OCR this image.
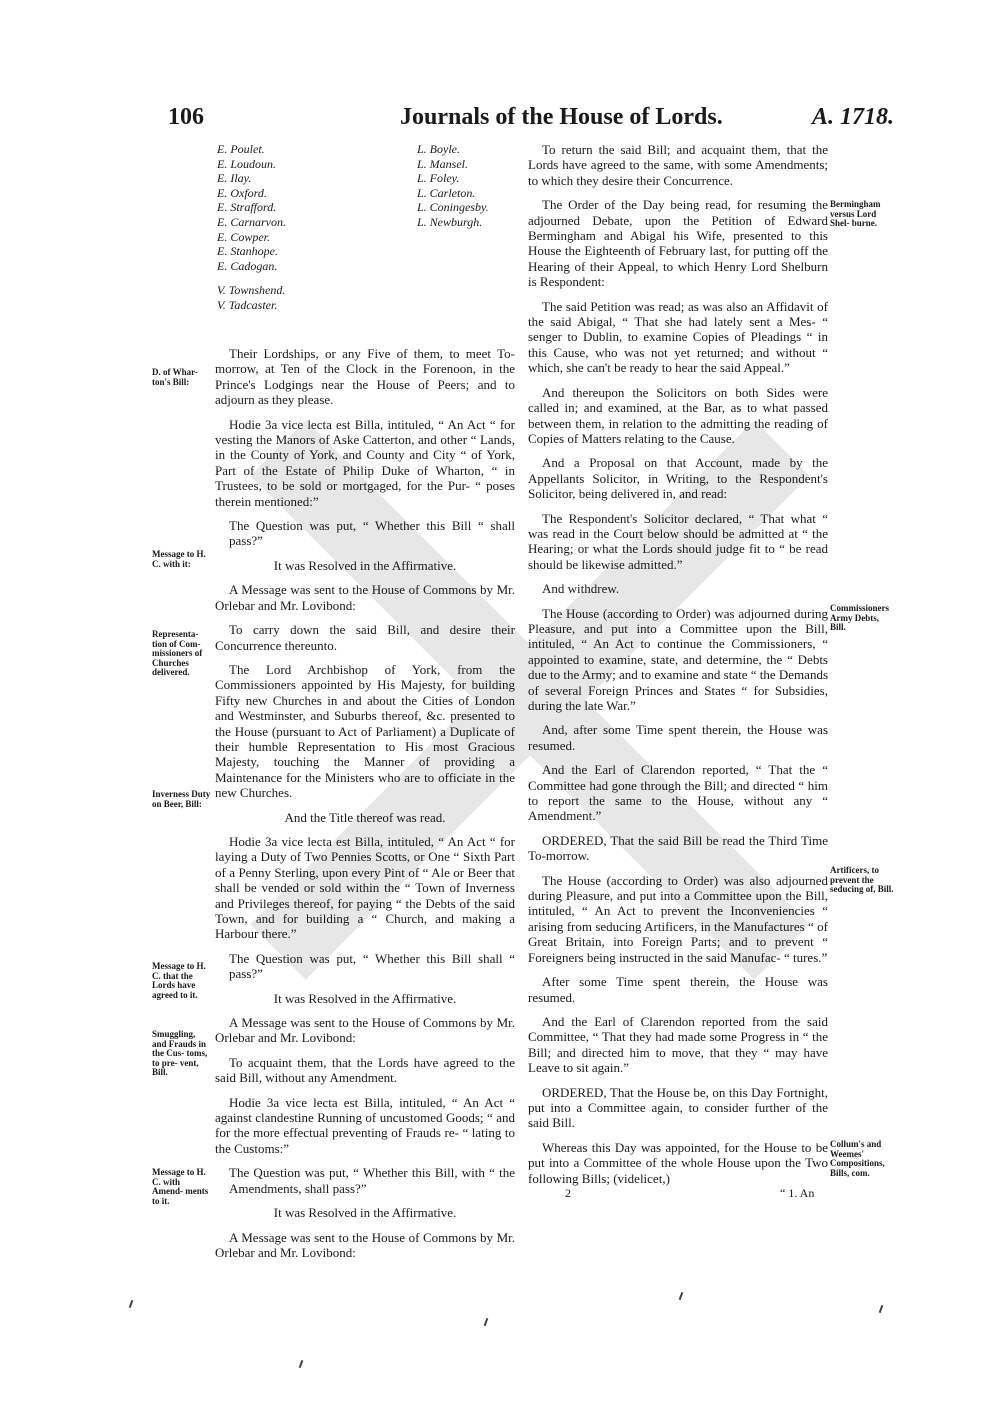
106	Journals of the House of Lords.	A. 1718.
E. Poulet.
E. Loudoun.
E. Ilay.
E. Oxford.
E. Strafford.
E. Carnarvon.
E. Cowper.
E. Stanhope.
E. Cadogan.
V. Townshend.
V. Tadcaster.
L. Boyle.
L. Mansel.
L. Foley.
L. Carleton.
L. Coningesby.
L. Newburgh.

Their Lordships, or any Five of them, to meet To-morrow, at Ten of the Clock in the Forenoon, in the Prince's Lodgings near the House of Peers; and to adjourn as they please.

Hodie 3a vice lecta est Billa, intituled, “ An Act “ for vesting the Manors of Aske Catterton, and other “ Lands, in the County of York, and County and City “ of York, Part of the Estate of Philip Duke of Wharton, “ in Trustees, to be sold or mortgaged, for the Pur- “ poses therein mentioned:”

The Question was put, “ Whether this Bill “ shall pass?”

It was Resolved in the Affirmative.

A Message was sent to the House of Commons by Mr. Orlebar and Mr. Lovibond:

To carry down the said Bill, and desire their Concurrence thereunto.

The Lord Archbishop of York, from the Commissioners appointed by His Majesty, for building Fifty new Churches in and about the Cities of London and Westminster, and Suburbs thereof, &c. presented to the House (pursuant to Act of Parliament) a Duplicate of their humble Representation to His most Gracious Majesty, touching the Manner of providing a Maintenance for the Ministers who are to officiate in the new Churches.

And the Title thereof was read.

Hodie 3a vice lecta est Billa, intituled, “ An Act “ for laying a Duty of Two Pennies Scotts, or One “ Sixth Part of a Penny Sterling, upon every Pint of “ Ale or Beer that shall be vended or sold within the “ Town of Inverness and Privileges thereof, for paying “ the Debts of the said Town, and for building a “ Church, and making a Harbour there.”

The Question was put, “ Whether this Bill shall “ pass?”

It was Resolved in the Affirmative.

A Message was sent to the House of Commons by Mr. Orlebar and Mr. Lovibond:

To acquaint them, that the Lords have agreed to the said Bill, without any Amendment.

Hodie 3a vice lecta est Billa, intituled, “ An Act “ against clandestine Running of uncustomed Goods; “ and for the more effectual preventing of Frauds re- “ lating to the Customs:”

The Question was put, “ Whether this Bill, with “ the Amendments, shall pass?”

It was Resolved in the Affirmative.

A Message was sent to the House of Commons by Mr. Orlebar and Mr. Lovibond:

To return the said Bill; and acquaint them, that the Lords have agreed to the same, with some Amendments; to which they desire their Concurrence.

The Order of the Day being read, for resuming the adjourned Debate, upon the Petition of Edward Bermingham and Abigal his Wife, presented to this House the Eighteenth of February last, for putting off the Hearing of their Appeal, to which Henry Lord Shelburn is Respondent:

The said Petition was read; as was also an Affidavit of the said Abigal, “ That she had lately sent a Mes- “ senger to Dublin, to examine Copies of Pleadings “ in this Cause, who was not yet returned; and without “ which, she can't be ready to hear the said Appeal.”

And thereupon the Solicitors on both Sides were called in; and examined, at the Bar, as to what passed between them, in relation to the admitting the reading of Copies of Matters relating to the Cause.

And a Proposal on that Account, made by the Appellants Solicitor, in Writing, to the Respondent's Solicitor, being delivered in, and read:

The Respondent's Solicitor declared, “ That what “ was read in the Court below should be admitted at “ the Hearing; or what the Lords should judge fit to “ be read should be likewise admitted.”

And withdrew.

The House (according to Order) was adjourned during Pleasure, and put into a Committee upon the Bill, intituled, “ An Act to continue the Commissioners, “ appointed to examine, state, and determine, the “ Debts due to the Army; and to examine and state “ the Demands of several Foreign Princes and States “ for Subsidies, during the late War.”

And, after some Time spent therein, the House was resumed.

And the Earl of Clarendon reported, “ That the “ Committee had gone through the Bill; and directed “ him to report the same to the House, without any “ Amendment.”

ORDERED, That the said Bill be read the Third Time To-morrow.

The House (according to Order) was also adjourned during Pleasure, and put into a Committee upon the Bill, intituled, “ An Act to prevent the Inconveniencies “ arising from seducing Artificers, in the Manufactures “ of Great Britain, into Foreign Parts; and to prevent “ Foreigners being instructed in the said Manufac- “ tures.”

After some Time spent therein, the House was resumed.

And the Earl of Clarendon reported from the said Committee, “ That they had made some Progress in “ the Bill; and directed him to move, that they “ may have Leave to sit again.”

ORDERED, That the House be, on this Day Fortnight, put into a Committee again, to consider further of the said Bill.

Whereas this Day was appointed, for the House to be put into a Committee of the whole House upon the Two following Bills; (videlicet,)

D. of Whar- ton's Bill:
Message to H. C. with it:
Representa- tion of Com- missioners of Churches delivered.
Inverness Duty on Beer, Bill:
Message to H. C. that the Lords have agreed to it.
Smuggling, and Frauds in the Cus- toms, to pre- vent, Bill.
Message to H. C. with Amend- ments to it.
Bermingham versus Lord Shel- burne.
Commissioners Army Debts, Bill.
Artificers, to prevent the seducing of, Bill.
Collum's and Weemes' Compositions, Bills, com.
2	“ 1. An
